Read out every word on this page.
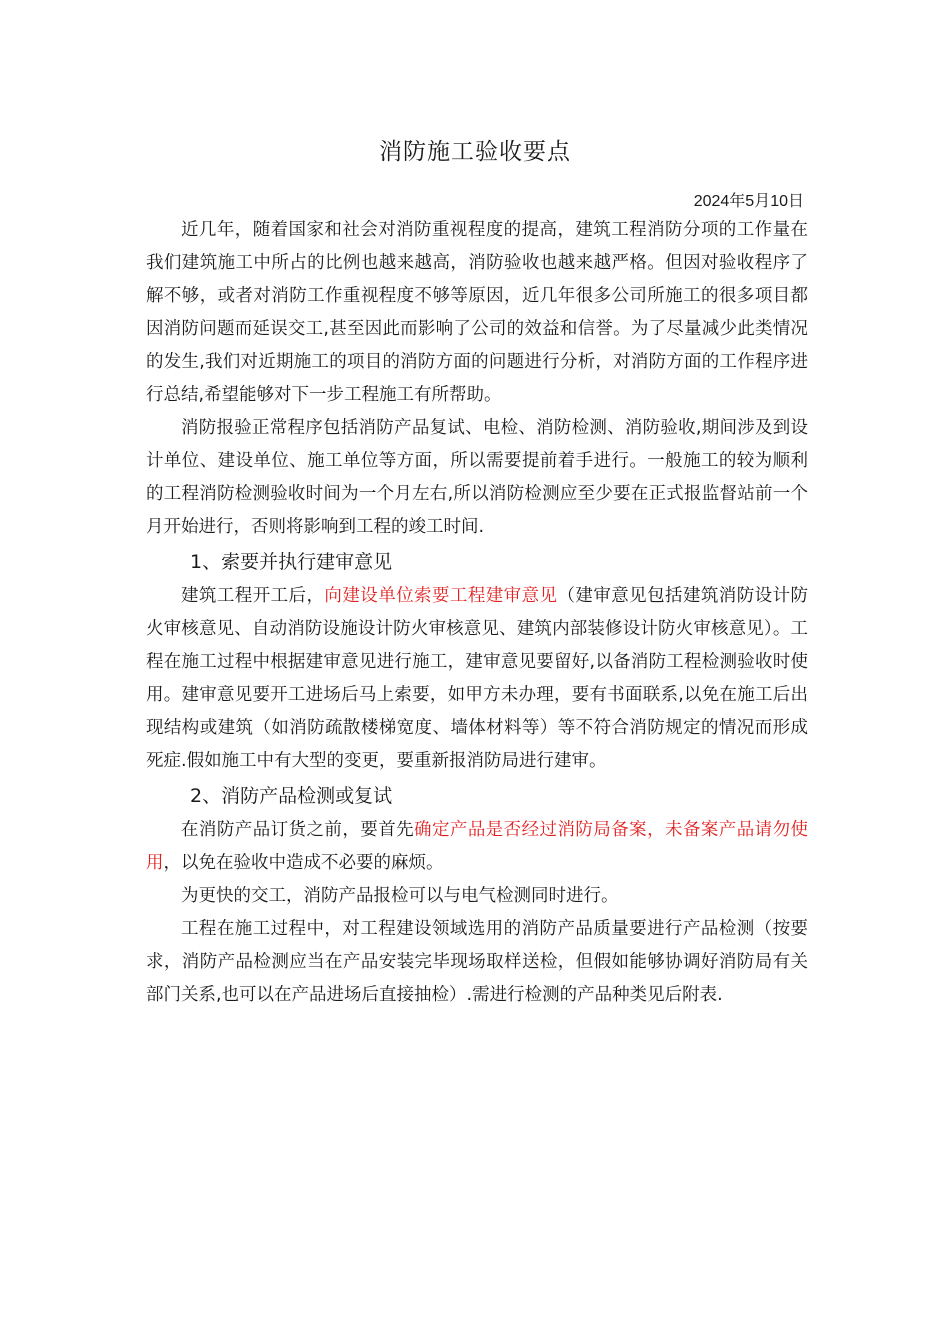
消防施工验收要点
2024年5月10日

近几年，随着国家和社会对消防重视程度的提高，建筑工程消防分项的工作量在我们建筑施工中所占的比例也越来越高，消防验收也越来越严格。但因对验收程序了解不够，或者对消防工作重视程度不够等原因，近几年很多公司所施工的很多项目都因消防问题而延误交工,甚至因此而影响了公司的效益和信誉。为了尽量减少此类情况的发生,我们对近期施工的项目的消防方面的问题进行分析，对消防方面的工作程序进行总结,希望能够对下一步工程施工有所帮助。

消防报验正常程序包括消防产品复试、电检、消防检测、消防验收,期间涉及到设计单位、建设单位、施工单位等方面，所以需要提前着手进行。一般施工的较为顺利的工程消防检测验收时间为一个月左右,所以消防检测应至少要在正式报监督站前一个月开始进行，否则将影响到工程的竣工时间.

1、索要并执行建审意见

建筑工程开工后，向建设单位索要工程建审意见（建审意见包括建筑消防设计防火审核意见、自动消防设施设计防火审核意见、建筑内部装修设计防火审核意见）。工程在施工过程中根据建审意见进行施工，建审意见要留好,以备消防工程检测验收时使用。建审意见要开工进场后马上索要，如甲方未办理，要有书面联系,以免在施工后出现结构或建筑（如消防疏散楼梯宽度、墙体材料等）等不符合消防规定的情况而形成死症.假如施工中有大型的变更，要重新报消防局进行建审。

2、消防产品检测或复试

在消防产品订货之前，要首先确定产品是否经过消防局备案，未备案产品请勿使用，以免在验收中造成不必要的麻烦。

为更快的交工，消防产品报检可以与电气检测同时进行。

工程在施工过程中，对工程建设领域选用的消防产品质量要进行产品检测（按要求，消防产品检测应当在产品安装完毕现场取样送检，但假如能够协调好消防局有关部门关系,也可以在产品进场后直接抽检）.需进行检测的产品种类见后附表.
